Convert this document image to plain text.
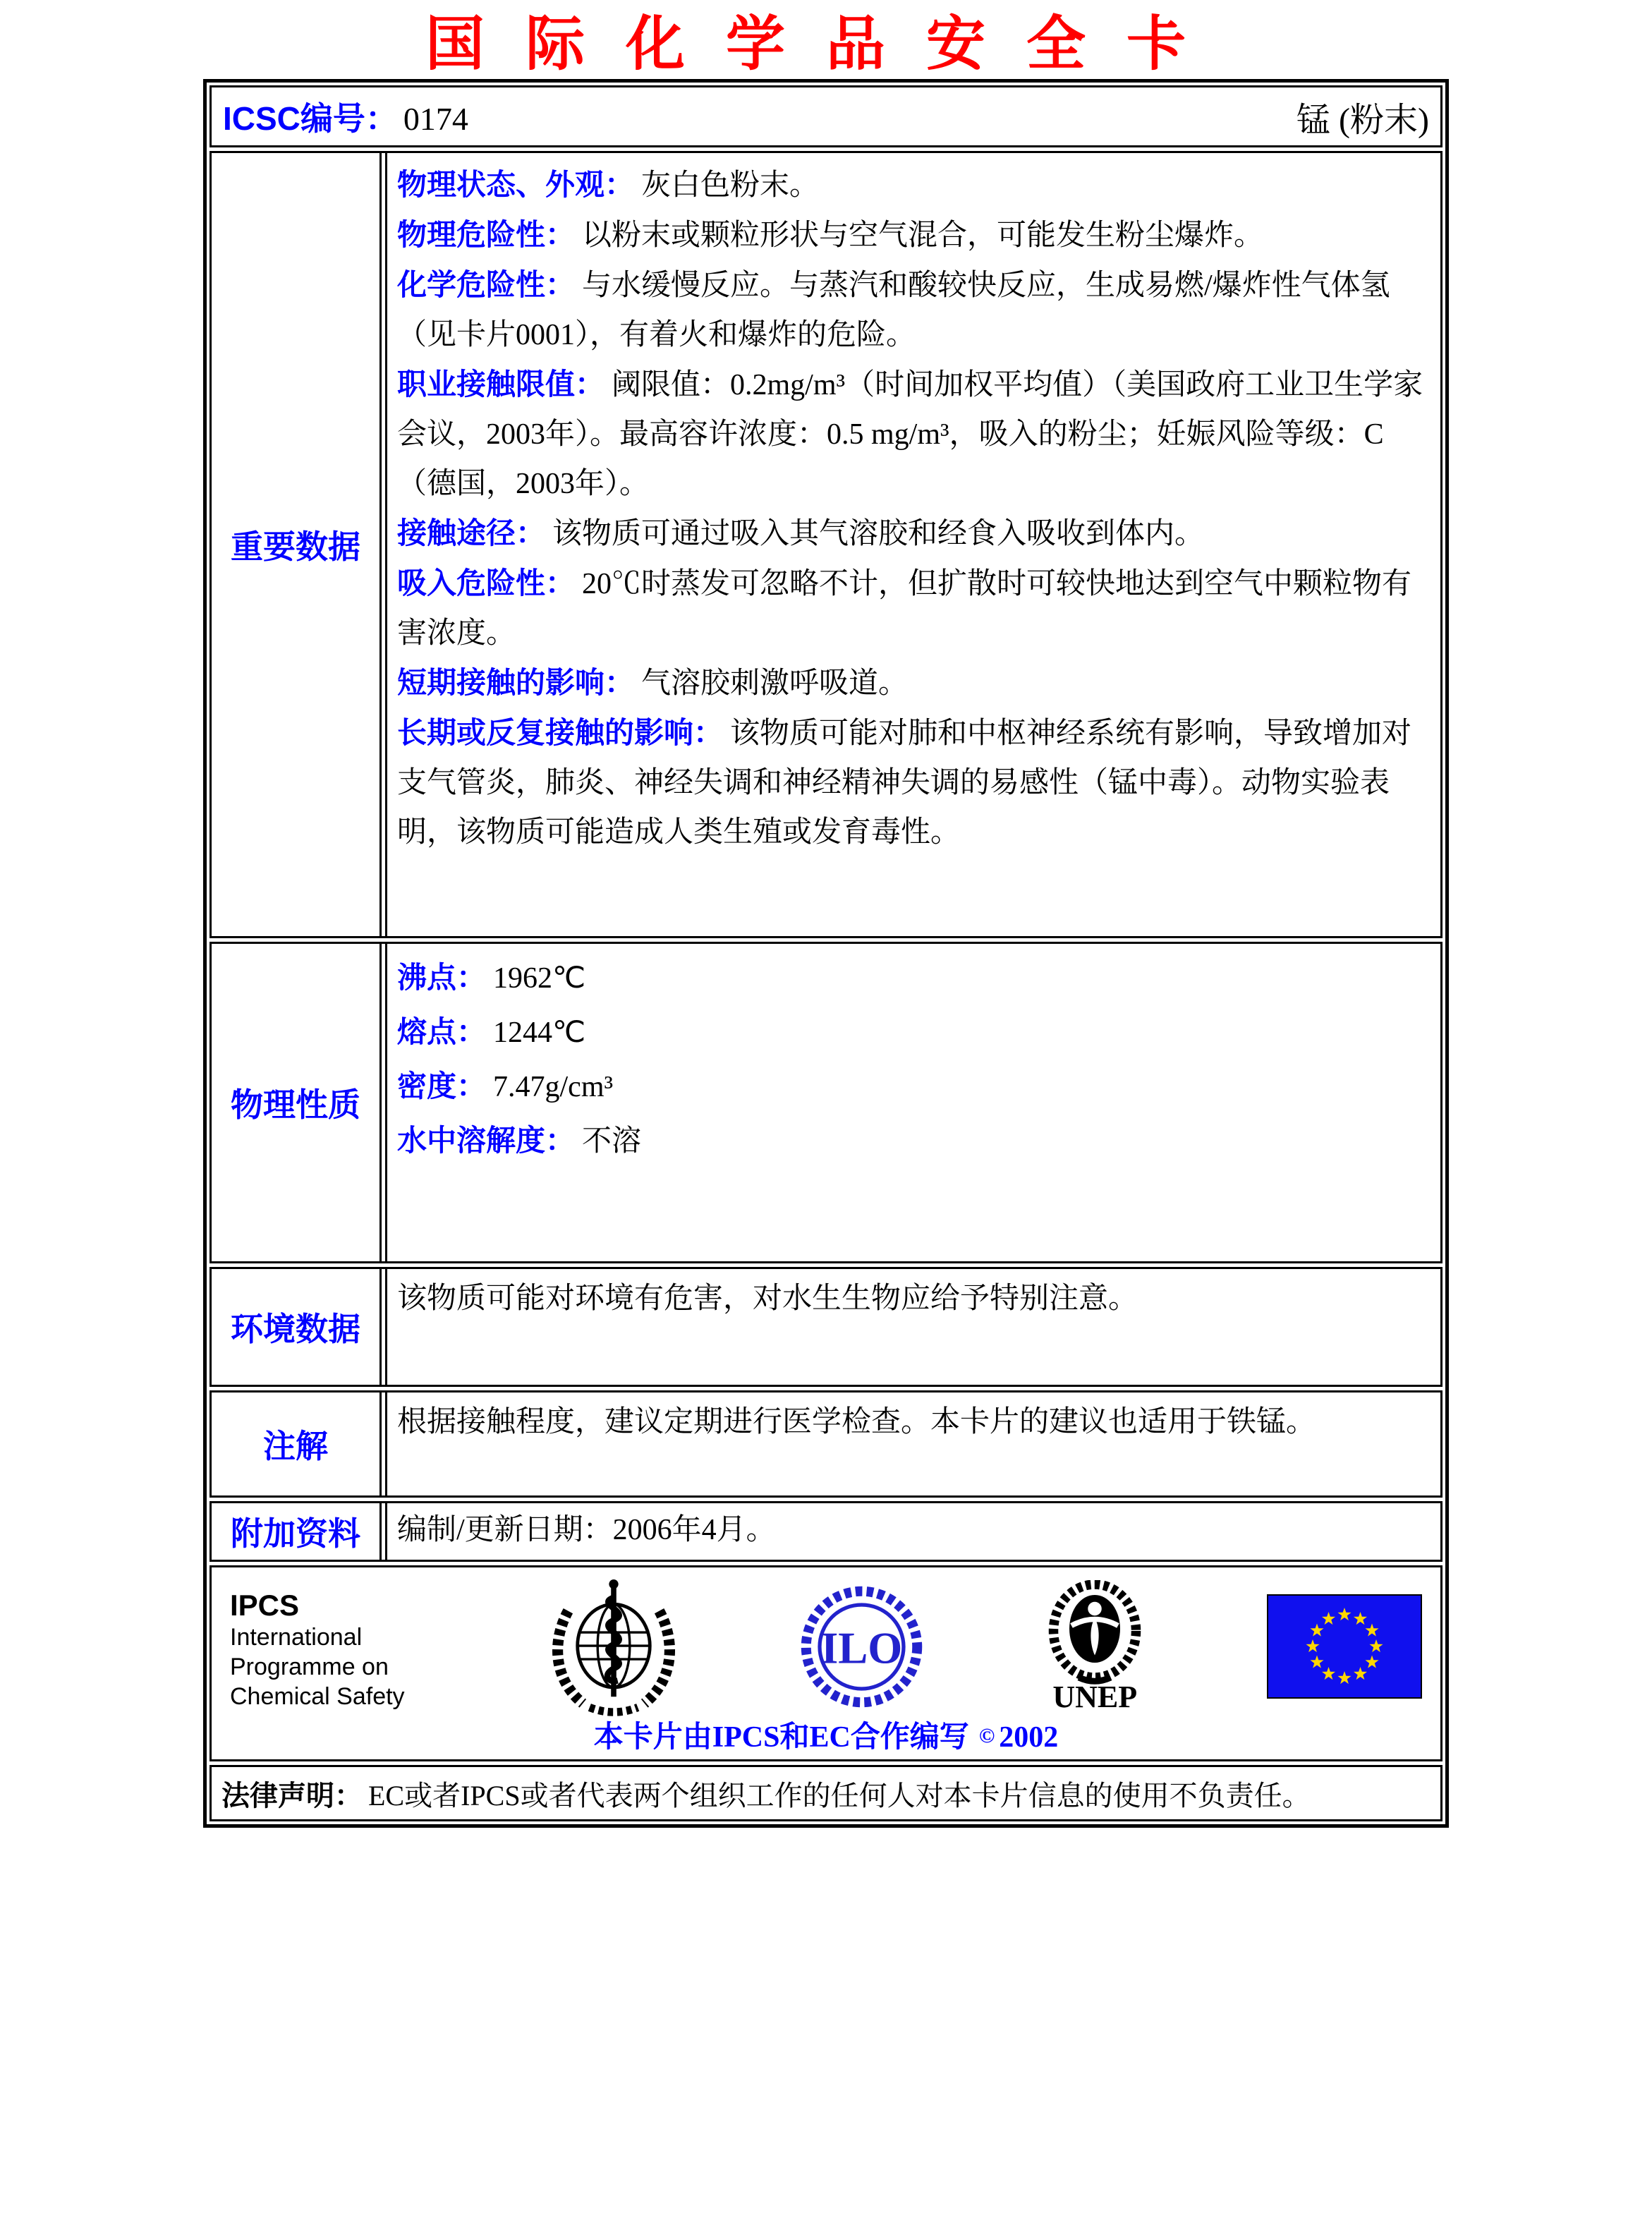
国际化学品安全卡
ICSC编号： 0174	锰 (粉末)
重要数据

物理状态、外观： 灰白色粉末。

物理危险性： 以粉末或颗粒形状与空气混合，可能发生粉尘爆炸。

化学危险性： 与水缓慢反应。与蒸汽和酸较快反应，生成易燃/爆炸性气体氢（见卡片0001），有着火和爆炸的危险。

职业接触限值： 阈限值：0.2mg/m³（时间加权平均值）（美国政府工业卫生学家会议，2003年）。最高容许浓度：0.5 mg/m³，吸入的粉尘；妊娠风险等级：C（德国，2003年）。

接触途径： 该物质可通过吸入其气溶胶和经食入吸收到体内。

吸入危险性： 20℃时蒸发可忽略不计，但扩散时可较快地达到空气中颗粒物有害浓度。

短期接触的影响： 气溶胶刺激呼吸道。

长期或反复接触的影响： 该物质可能对肺和中枢神经系统有影响，导致增加对支气管炎，肺炎、神经失调和神经精神失调的易感性（锰中毒）。动物实验表明，该物质可能造成人类生殖或发育毒性。

物理性质

沸点： 1962℃

熔点： 1244℃

密度： 7.47g/cm³

水中溶解度： 不溶

环境数据

该物质可能对环境有危害，对水生生物应给予特别注意。

注解

根据接触程度，建议定期进行医学检查。本卡片的建议也适用于铁锰。

附加资料 编制/更新日期：2006年4月。

IPCS
International
Programme on
Chemical Safety
ILO
UNEP
本卡片由IPCS和EC合作编写 © 2002
法律声明： EC或者IPCS或者代表两个组织工作的任何人对本卡片信息的使用不负责任。
